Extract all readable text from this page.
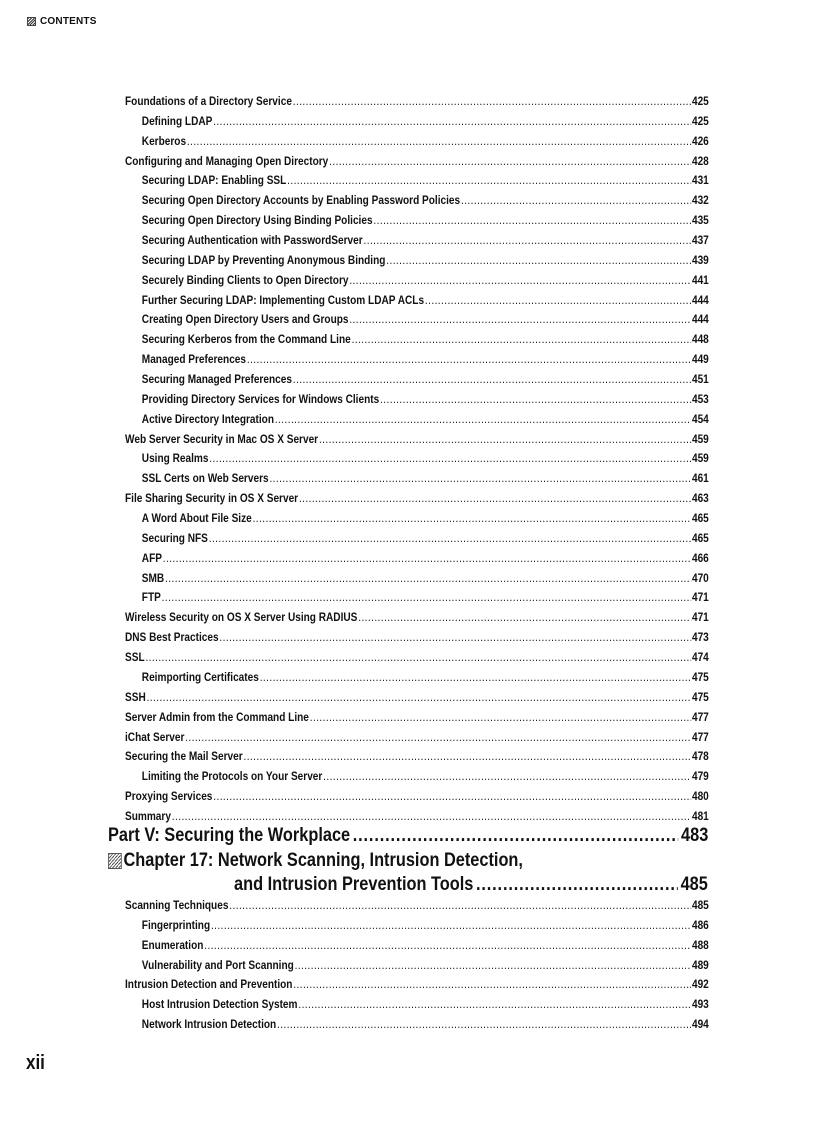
CONTENTS
Foundations of a Directory Service .....	425
Defining LDAP .....	425
Kerberos .....	426
Configuring and Managing Open Directory .....	428
Securing LDAP: Enabling SSL .....	431
Securing Open Directory Accounts by Enabling Password Policies .....	432
Securing Open Directory Using Binding Policies .....	435
Securing Authentication with PasswordServer .....	437
Securing LDAP by Preventing Anonymous Binding .....	439
Securely Binding Clients to Open Directory .....	441
Further Securing LDAP: Implementing Custom LDAP ACLs .....	444
Creating Open Directory Users and Groups .....	444
Securing Kerberos from the Command Line .....	448
Managed Preferences .....	449
Securing Managed Preferences .....	451
Providing Directory Services for Windows Clients .....	453
Active Directory Integration .....	454
Web Server Security in Mac OS X Server .....	459
Using Realms .....	459
SSL Certs on Web Servers .....	461
File Sharing Security in OS X Server .....	463
A Word About File Size .....	465
Securing NFS .....	465
AFP .....	466
SMB .....	470
FTP .....	471
Wireless Security on OS X Server Using RADIUS .....	471
DNS Best Practices .....	473
SSL .....	474
Reimporting Certificates .....	475
SSH .....	475
Server Admin from the Command Line .....	477
iChat Server .....	477
Securing the Mail Server .....	478
Limiting the Protocols on Your Server .....	479
Proxying Services .....	480
Summary .....	481
Part V: Securing the Workplace .....	483
Chapter 17: Network Scanning, Intrusion Detection,
and Intrusion Prevention Tools .....	485
Scanning Techniques .....	485
Fingerprinting .....	486
Enumeration .....	488
Vulnerability and Port Scanning .....	489
Intrusion Detection and Prevention .....	492
Host Intrusion Detection System .....	493
Network Intrusion Detection .....	494
xii
